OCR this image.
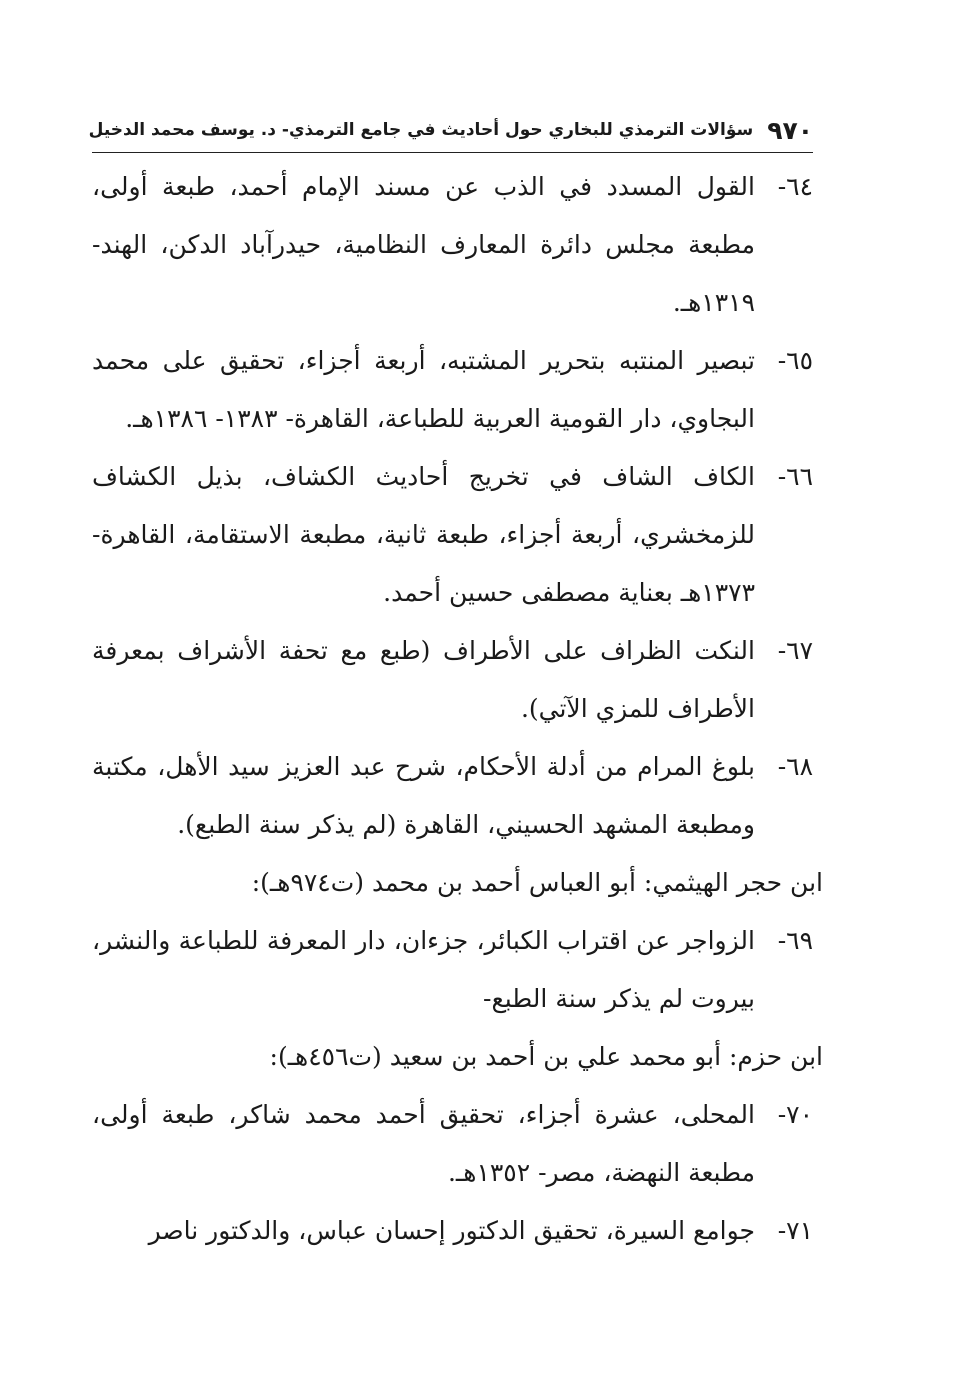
٩٧٠
سؤالات الترمذي للبخاري حول أحاديث في جامع الترمذي- د. يوسف محمد الدخيل
٦٤-
القول المسدد في الذب عن مسند الإمام أحمد، طبعة أولى، مطبعة مجلس دائرة المعارف النظامية، حيدرآباد الدكن، الهند- ١٣١٩هـ.
٦٥-
تبصير المنتبه بتحرير المشتبه، أربعة أجزاء، تحقيق على محمد البجاوي، دار القومية العربية للطباعة، القاهرة- ١٣٨٣- ١٣٨٦هـ.
٦٦-
الكاف الشاف في تخريج أحاديث الكشاف، بذيل الكشاف للزمخشري، أربعة أجزاء، طبعة ثانية، مطبعة الاستقامة، القاهرة- ١٣٧٣هـ بعناية مصطفى حسين أحمد.
٦٧-
النكت الظراف على الأطراف (طبع مع تحفة الأشراف بمعرفة الأطراف للمزي الآتي).
٦٨-
بلوغ المرام من أدلة الأحكام، شرح عبد العزيز سيد الأهل، مكتبة ومطبعة المشهد الحسيني، القاهرة (لم يذكر سنة الطبع).
ابن حجر الهيثمي: أبو العباس أحمد بن محمد (ت٩٧٤هـ):
٦٩-
الزواجر عن اقتراب الكبائر، جزءان، دار المعرفة للطباعة والنشر، بيروت لم يذكر سنة الطبع-
ابن حزم: أبو محمد علي بن أحمد بن سعيد (ت٤٥٦هـ):
٧٠-
المحلى، عشرة أجزاء، تحقيق أحمد محمد شاكر، طبعة أولى، مطبعة النهضة، مصر- ١٣٥٢هـ.
٧١-
جوامع السيرة، تحقيق الدكتور إحسان عباس، والدكتور ناصر
